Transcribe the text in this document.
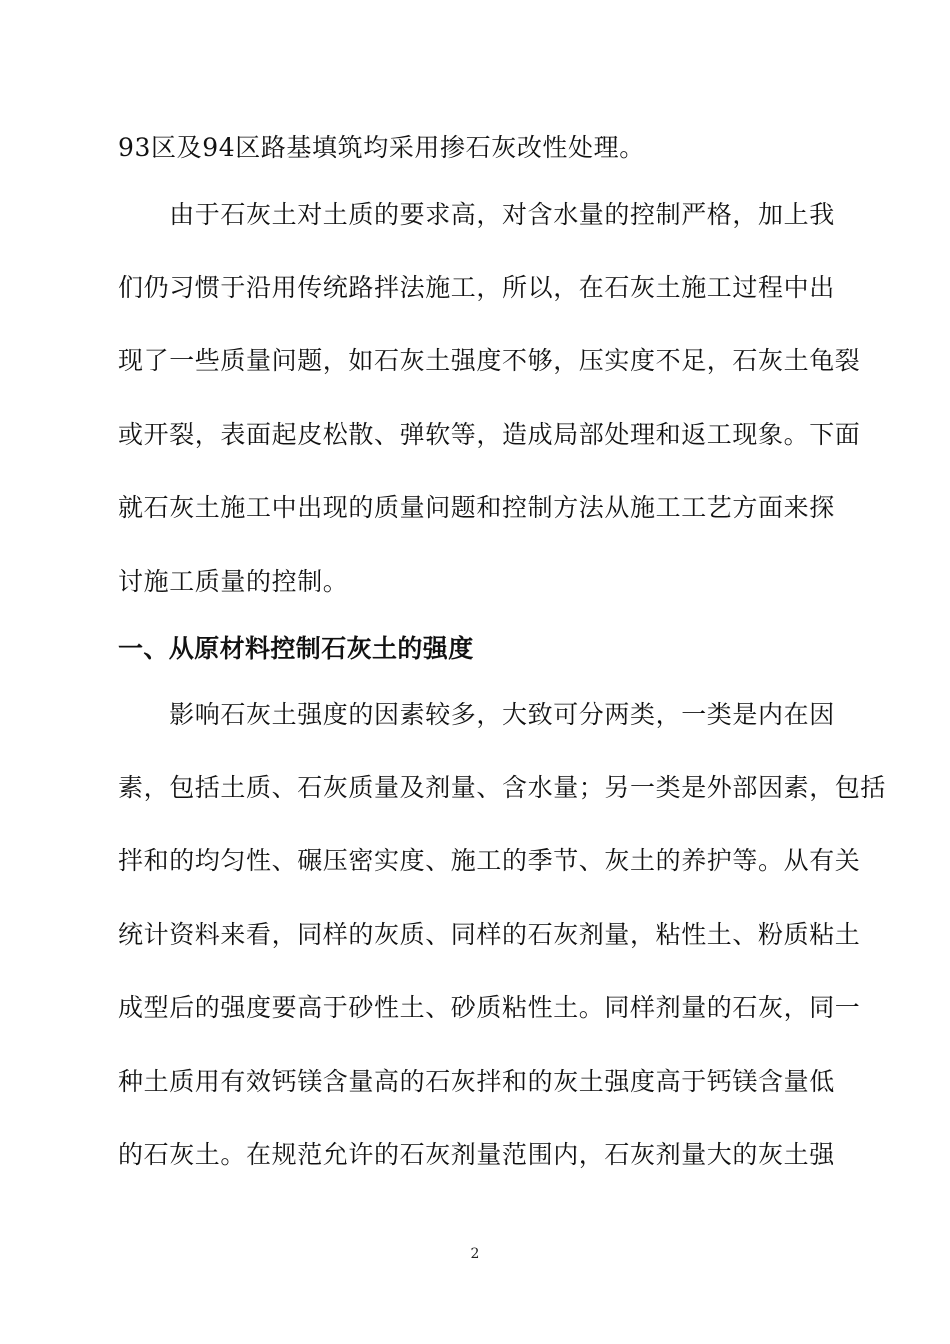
93区及94区路基填筑均采用掺石灰改性处理。
　　由于石灰土对土质的要求高，对含水量的控制严格，加上我
们仍习惯于沿用传统路拌法施工，所以，在石灰土施工过程中出
现了一些质量问题，如石灰土强度不够，压实度不足，石灰土龟裂
或开裂，表面起皮松散、弹软等，造成局部处理和返工现象。下面
就石灰土施工中出现的质量问题和控制方法从施工工艺方面来探
讨施工质量的控制。
一、从原材料控制石灰土的强度
　　影响石灰土强度的因素较多，大致可分两类，一类是内在因
素，包括土质、石灰质量及剂量、含水量；另一类是外部因素，包括
拌和的均匀性、碾压密实度、施工的季节、灰土的养护等。从有关
统计资料来看，同样的灰质、同样的石灰剂量，粘性土、粉质粘土
成型后的强度要高于砂性土、砂质粘性土。同样剂量的石灰，同一
种土质用有效钙镁含量高的石灰拌和的灰土强度高于钙镁含量低
的石灰土。在规范允许的石灰剂量范围内，石灰剂量大的灰土强
2
